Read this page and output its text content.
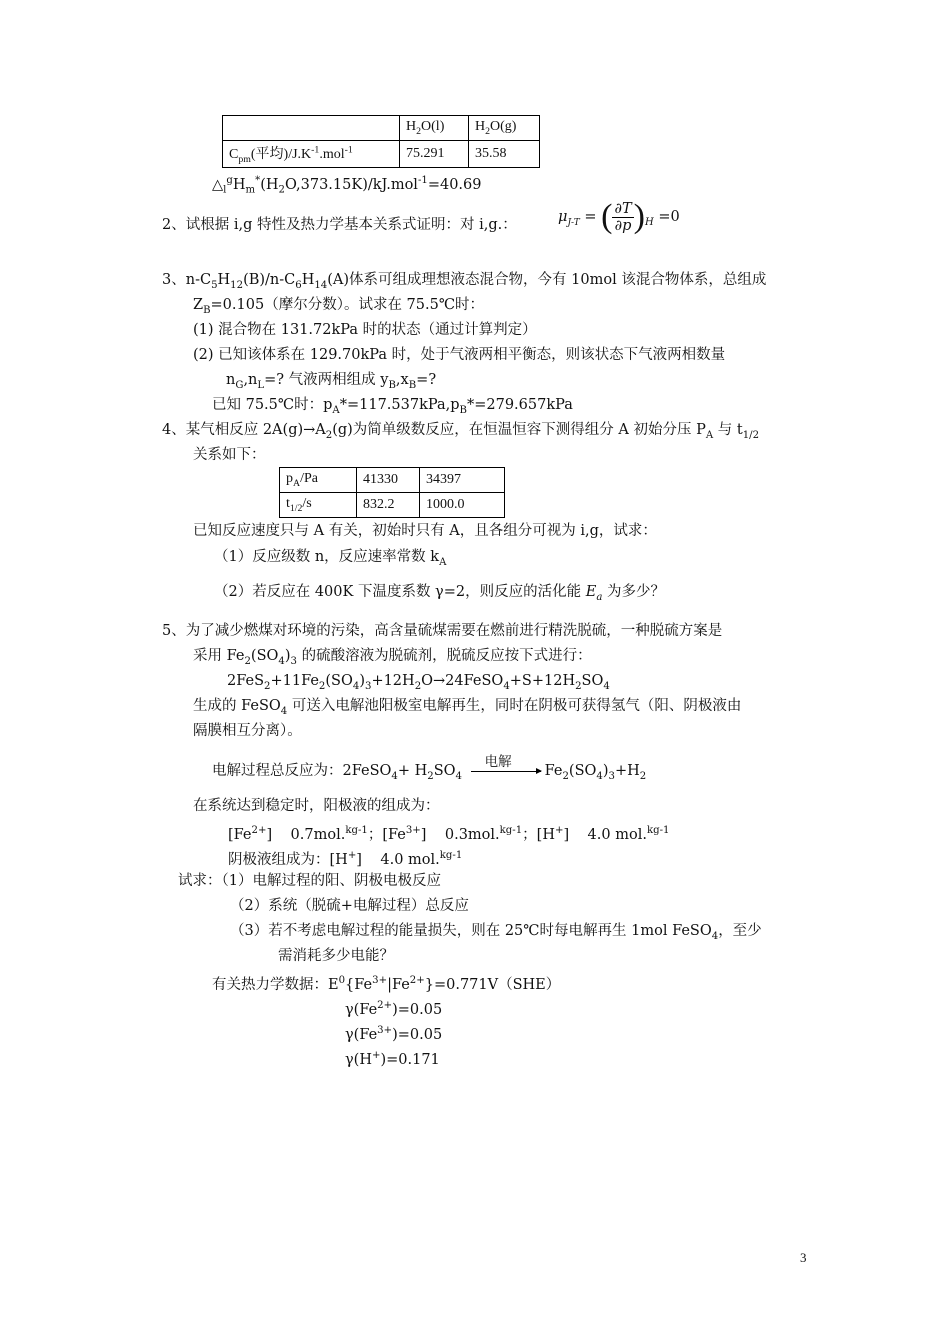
	$H_2O(l)$	$H_2O(g)$
$C_{pm}$(平均)$/J.K^{-1}.mol^{-1}$	75.291	35.58
$\triangle_l^gH_m^*(H_2O,373.15K)/kJ.mol^{-1}=40.69$
2、试根据 i,g 特性及热力学基本关系式证明：对 i,g.：	$\mu_{J-T}$ = ( $\frac{\partial T}{\partial p} )_H =0$
3、$n-C_5H_{12}(B)/n-C_6H_{14}(A)$体系可组成理想液态混合物，今有 10mol 该混合物体系，总组成
$Z_B=0.105$（摩尔分数）。试求在 75.5℃时：
(1) 混合物在 131.72kPa 时的状态（通过计算判定）
(2) 已知该体系在 129.70kPa 时，处于气液两相平衡态，则该状态下气液两相数量
$n_G,n_L=$? 气液两相组成 $y_B,x_B=$?
已知 75.5℃时：$p_A*=117.537kPa,p_B*=279.657kPa$
4、某气相反应 $2A(g)\to A_2(g)$为简单级数反应，在恒温恒容下测得组分 A 初始分压 $P_A$ 与 $t_{1/2}$
关系如下：
$p_A/Pa$	41330	34397
$t_{1/2}/s$	832.2	1000.0
已知反应速度只与 A 有关，初始时只有 A，且各组分可视为 i,g，试求：
（1）反应级数 n，反应速率常数 $k_A$
（2）若反应在 400K 下温度系数 γ=2，则反应的活化能 $E_a$ 为多少？
5、为了减少燃煤对环境的污染，高含量硫煤需要在燃前进行精洗脱硫，一种脱硫方案是
采用 $Fe_2(SO_4)_3$ 的硫酸溶液为脱硫剂，脱硫反应按下式进行：
$2FeS_2+11Fe_2(SO_4)_3+12H_2O\to 24FeSO_4+S+12H_2SO_4$
生成的 FeSO$_4$ 可送入电解池阳极室电解再生，同时在阴极可获得氢气（阳、阴极液由
隔膜相互分离）。
电解过程总反应为：2FeSO$_4$+ $H_2SO_4$
电解
$Fe_2(SO_4)_3+H_2$
在系统达到稳定时，阳极液的组成为：
$[Fe^{2+}]$    0.7mol.$^{kg-1}$；$[Fe^{3+}]$    0.3mol.$^{kg-1}$；[H+]    4.0 mol.$^{kg-1}$
阴极液组成为：[H+]    4.0 mol.$^{kg-1}$
试求：（1）电解过程的阳、阴极电极反应
（2）系统（脱硫+电解过程）总反应
（3）若不考虑电解过程的能量损失，则在 25℃时每电解再生 1mol FeSO$_4$，至少
需消耗多少电能？
有关热力学数据：$E^0\{Fe^{3+}|Fe^{2+}\}=0.771V(SHE)$
$\gamma(Fe^{2+})=0.05$
$\gamma(Fe^{3+})=0.05$
γ(H+)=0.171
3
